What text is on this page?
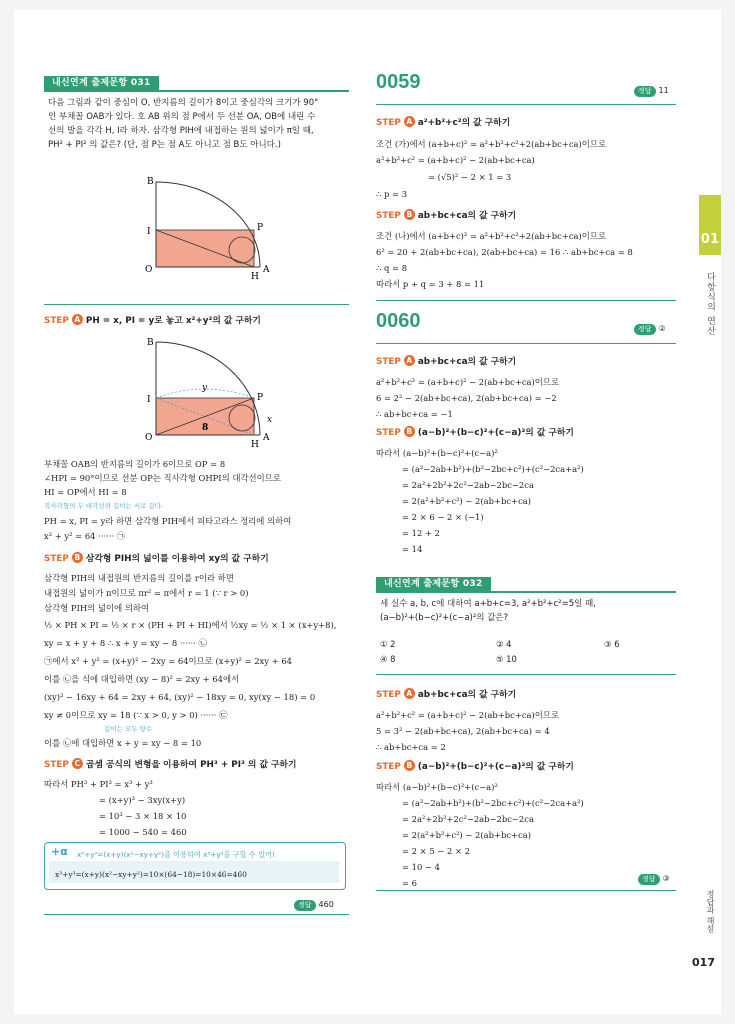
내신연계 출제문항 031
다음 그림과 같이 중심이 O, 반지름의 길이가 8이고 중심각의 크기가 90°
인 부채꼴 OAB가 있다. 호 AB 위의 점 P에서 두 선분 OA, OB에 내린 수
선의 발을 각각 H, I라 하자. 삼각형 PIH에 내접하는 원의 넓이가 π일 때,
PH² + PI² 의 값은? (단, 점 P는 점 A도 아니고 점 B도 아니다.)
B
I
O
P
H
A
STEP A PH = x, PI = y로 놓고 x²+y²의 값 구하기
B
I
O
P
H
A
y
x
8
부채꼴 OAB의 반지름의 길이가 6이므로 OP = 8
∠HPI = 90°이므로 선분 OP는 직사각형 OHPI의 대각선이므로
HI = OP에서 HI = 8
직사각형의 두 대각선의 길이는 서로 같다.
PH = x, PI = y라 하면 삼각형 PIH에서 피타고라스 정리에 의하여
x² + y² = 64 ······ ㉠
STEP B 삼각형 PIH의 넓이를 이용하여 xy의 값 구하기
삼각형 PIH의 내접원의 반지름의 길이를 r이라 하면
내접원의 넓이가 π이므로 πr² = π에서 r = 1 (∵ r > 0)
삼각형 PIH의 넓이에 의하여
½ × PH × PI = ½ × r × (PH + PI + HI)에서 ½xy = ½ × 1 × (x+y+8),
xy = x + y + 8 ∴ x + y = xy − 8 ······ ㉡
㉠에서 x² + y² = (x+y)² − 2xy = 64이므로 (x+y)² = 2xy + 64
이를 ㉡을 식에 대입하면 (xy − 8)² = 2xy + 64에서
(xy)² − 16xy + 64 = 2xy + 64, (xy)² − 18xy = 0, xy(xy − 18) = 0
xy ≠ 0이므로 xy = 18 (∵ x > 0, y > 0) ······ ㉢
길이는 모두 양수
이를 ㉡에 대입하면 x + y = xy − 8 = 10
STEP C 곱셈 공식의 변형을 이용하여 PH³ + PI³ 의 값 구하기
따라서 PH³ + PI³ = x³ + y³
= (x+y)³ − 3xy(x+y)
= 10³ − 3 × 18 × 10
= 1000 − 540 = 460
+α x³+y³=(x+y)(x²−xy+y²)을 이용하여 x³+y³을 구할 수 있어!
x³+y³=(x+y)(x²−xy+y²)=10×(64−18)=10×46=460
정답 460
0059	정답 11
STEP A a²+b²+c²의 값 구하기
조건 (가)에서 (a+b+c)² = a²+b²+c²+2(ab+bc+ca)이므로
a²+b²+c² = (a+b+c)² − 2(ab+bc+ca)
= (√5)² − 2 × 1 = 3
∴ p = 3
STEP B ab+bc+ca의 값 구하기
조건 (나)에서 (a+b+c)² = a²+b²+c²+2(ab+bc+ca)이므로
6² = 20 + 2(ab+bc+ca), 2(ab+bc+ca) = 16 ∴ ab+bc+ca = 8
∴ q = 8
따라서 p + q = 3 + 8 = 11
0060	정답 ②
STEP A ab+bc+ca의 값 구하기
a²+b²+c² = (a+b+c)² − 2(ab+bc+ca)이므로
6 = 2² − 2(ab+bc+ca), 2(ab+bc+ca) = −2
∴ ab+bc+ca = −1
STEP B (a−b)²+(b−c)²+(c−a)²의 값 구하기
따라서 (a−b)²+(b−c)²+(c−a)²
= (a²−2ab+b²)+(b²−2bc+c²)+(c²−2ca+a²)
= 2a²+2b²+2c²−2ab−2bc−2ca
= 2(a²+b²+c²) − 2(ab+bc+ca)
= 2 × 6 − 2 × (−1)
= 12 + 2
= 14
내신연계 출제문항 032
세 실수 a, b, c에 대하여 a+b+c=3, a²+b²+c²=5일 때,
(a−b)²+(b−c)²+(c−a)²의 값은?
① 2	② 4	③ 6
④ 8	⑤ 10
STEP A ab+bc+ca의 값 구하기
a²+b²+c² = (a+b+c)² − 2(ab+bc+ca)이므로
5 = 3² − 2(ab+bc+ca), 2(ab+bc+ca) = 4
∴ ab+bc+ca = 2
STEP B (a−b)²+(b−c)²+(c−a)²의 값 구하기
따라서 (a−b)²+(b−c)²+(c−a)²
= (a²−2ab+b²)+(b²−2bc+c²)+(c²−2ca+a²)
= 2a²+2b²+2c²−2ab−2bc−2ca
= 2(a²+b²+c²) − 2(ab+bc+ca)
= 2 × 5 − 2 × 2
= 10 − 4
= 6	정답 ③
01
다항식의 연산
정답과 해설
017
